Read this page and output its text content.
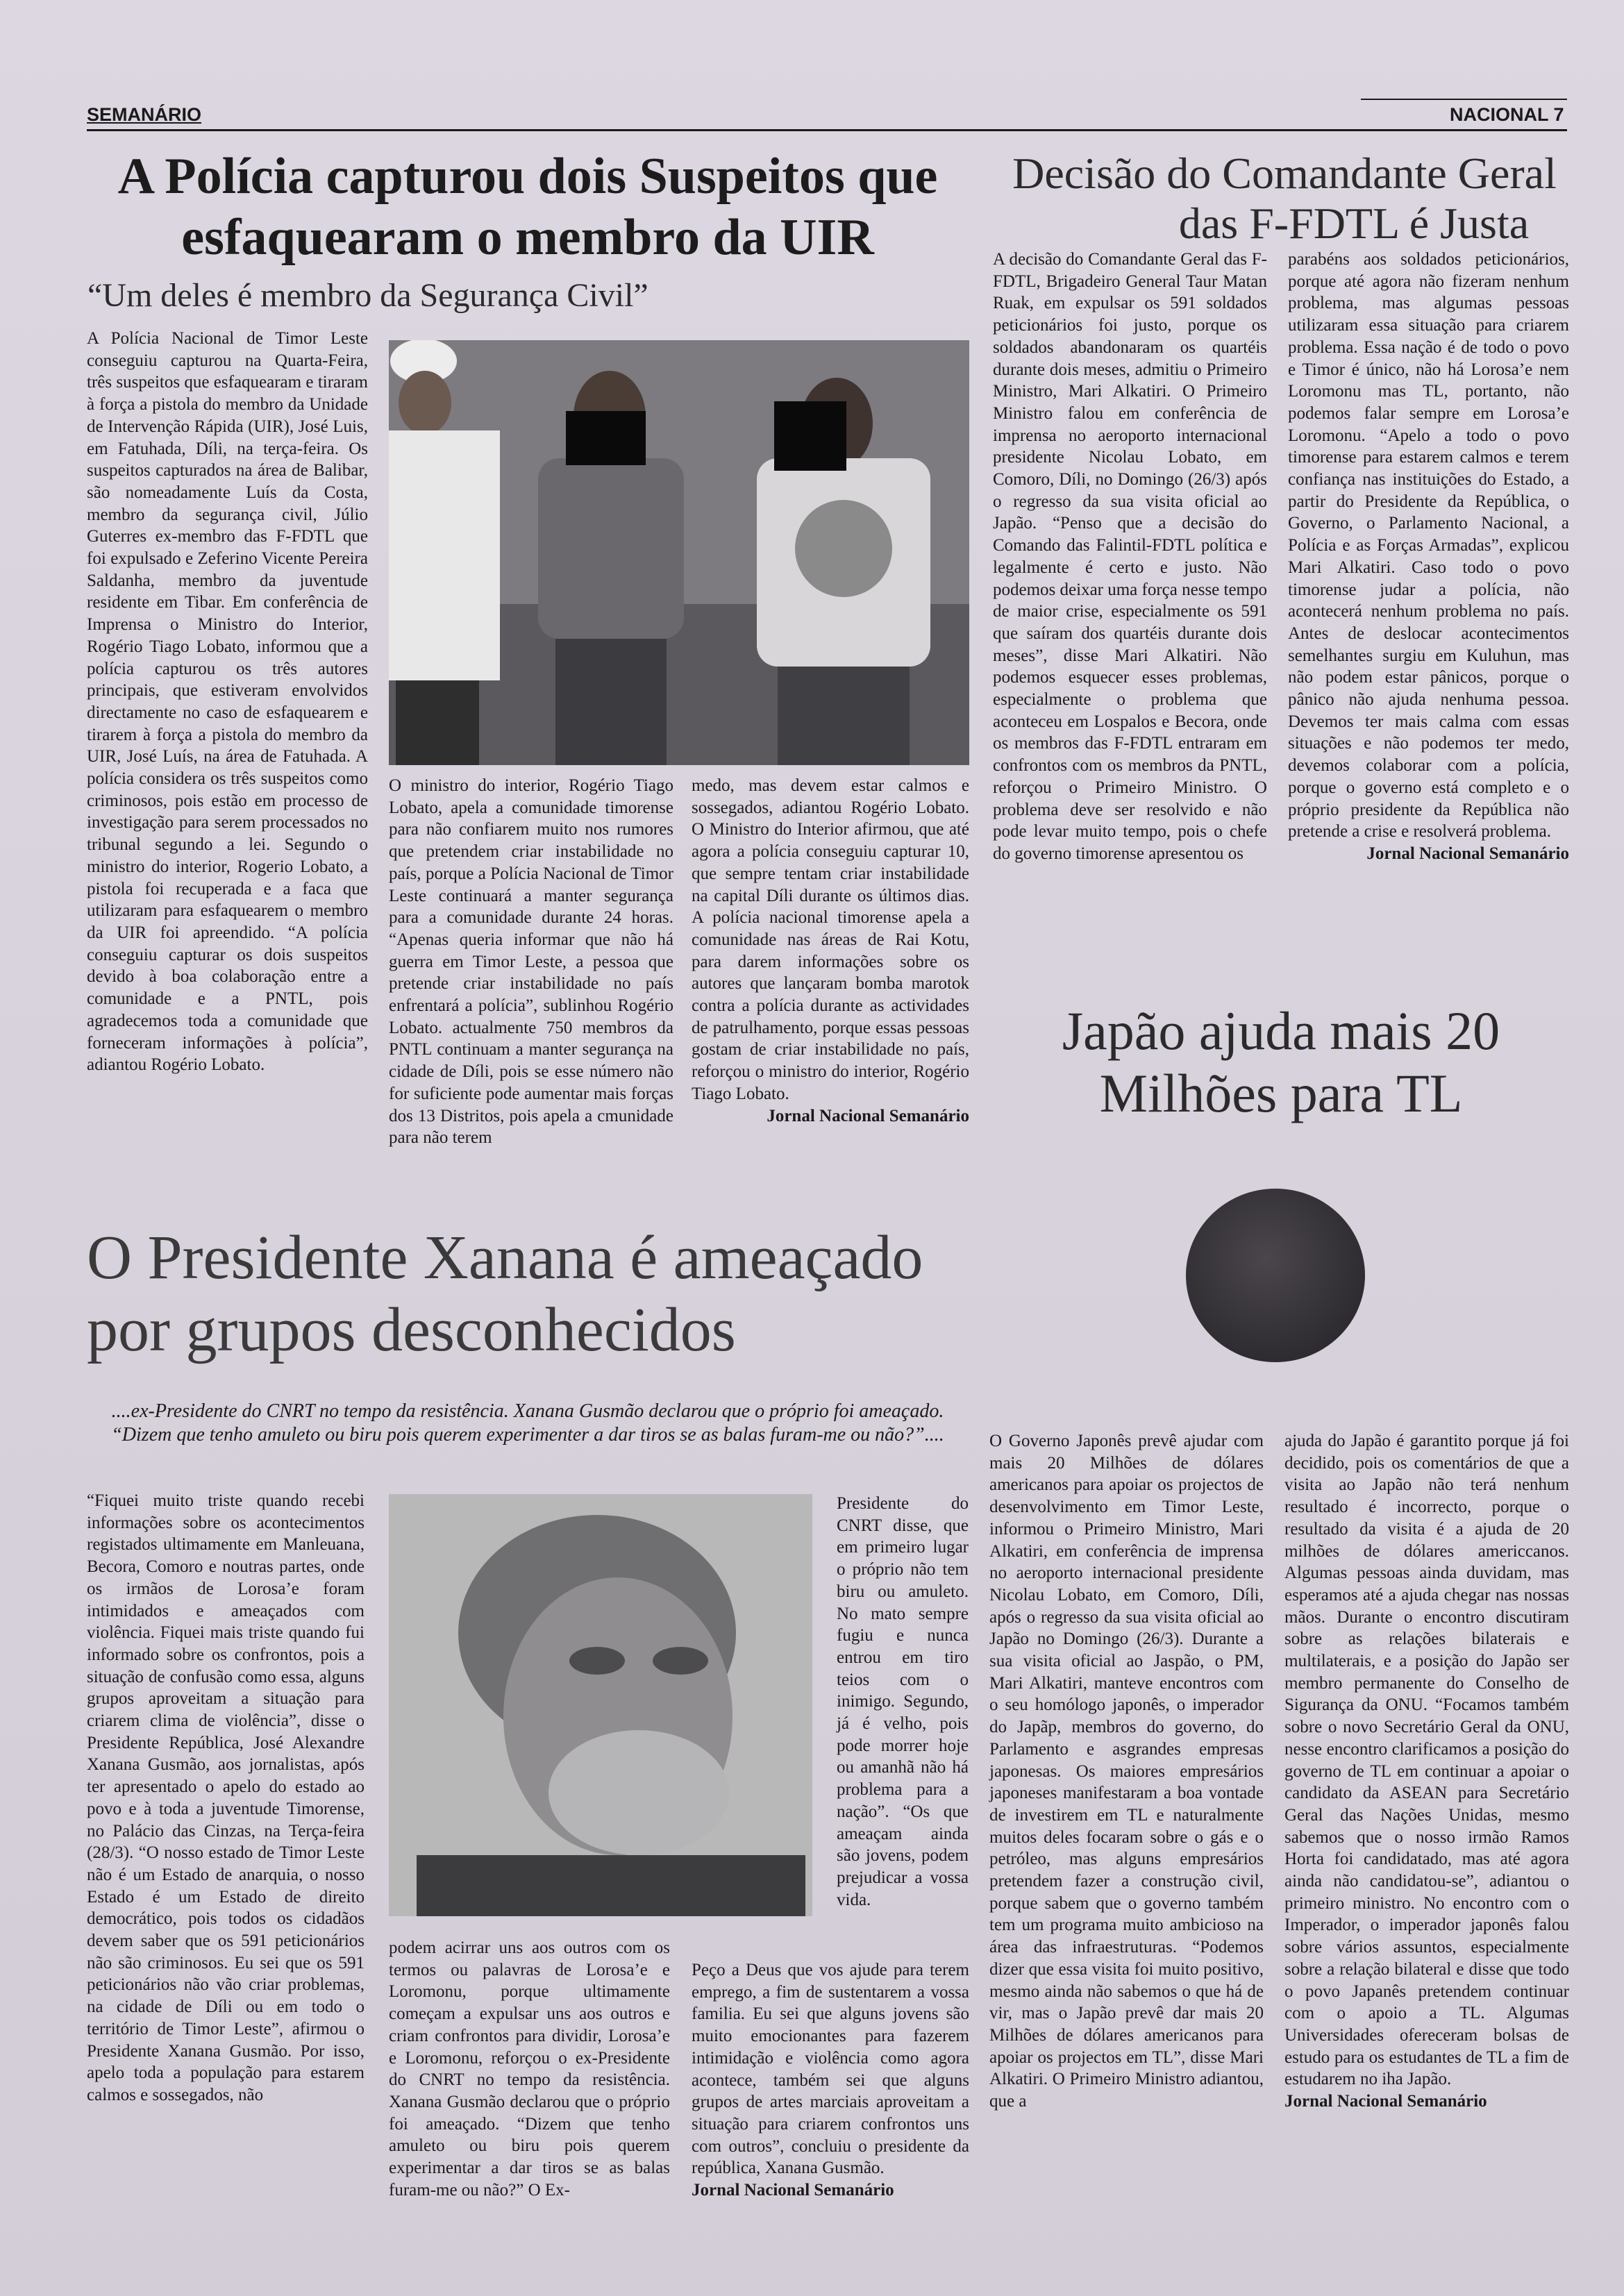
SEMANÁRIO	NACIONAL 7
A Polícia capturou dois Suspeitos que
esfaquearam o membro da UIR
“Um deles é membro da Segurança Civil”

A Polícia Nacional de Timor Leste conseguiu capturou na Quarta-Feira, três suspeitos que esfaquearam e tiraram à força a pistola do membro da Unidade de Intervenção Rápida (UIR), José Luis, em Fatuhada, Díli, na terça-feira. Os suspeitos capturados na área de Balibar, são nomeadamente Luís da Costa, membro da segurança civil, Júlio Guterres ex-membro das F-FDTL que foi expulsado e Zeferino Vicente Pereira Saldanha, membro da juventude residente em Tibar. Em conferência de Imprensa o Ministro do Interior, Rogério Tiago Lobato, informou que a polícia capturou os três autores principais, que estiveram envolvidos directamente no caso de esfaquearem e tirarem à força a pistola do membro da UIR, José Luís, na área de Fatuhada. A polícia considera os três suspeitos como criminosos, pois estão em processo de investigação para serem processados no tribunal segundo a lei. Segundo o ministro do interior, Rogerio Lobato, a pistola foi recuperada e a faca que utilizaram para esfaquearem o membro da UIR foi apreendido. “A polícia conseguiu capturar os dois suspeitos devido à boa colaboração entre a comunidade e a PNTL, pois agradecemos toda a comunidade que forneceram informações à polícia”, adiantou Rogério Lobato.

O ministro do interior, Rogério Tiago Lobato, apela a comunidade timorense para não confiarem muito nos rumores que pretendem criar instabilidade no país, porque a Polícia Nacional de Timor Leste continuará a manter segurança para a comunidade durante 24 horas. “Apenas queria informar que não há guerra em Timor Leste, a pessoa que pretende criar instabilidade no país enfrentará a polícia”, sublinhou Rogério Lobato. actualmente 750 membros da PNTL continuam a manter segurança na cidade de Díli, pois se esse número não for suficiente pode aumentar mais forças dos 13 Distritos, pois apela a cmunidade para não terem

medo, mas devem estar calmos e sossegados, adiantou Rogério Lobato. O Ministro do Interior afirmou, que até agora a polícia conseguiu capturar 10, que sempre tentam criar instabilidade na capital Díli durante os últimos dias. A polícia nacional timorense apela a comunidade nas áreas de Rai Kotu, para darem informações sobre os autores que lançaram bomba marotok contra a polícia durante as actividades de patrulhamento, porque essas pessoas gostam de criar instabilidade no país, reforçou o ministro do interior, Rogério Tiago Lobato.

Jornal Nacional Semanário

Decisão do Comandante Geral
das F-FDTL é Justa

A decisão do Comandante Geral das F-FDTL, Brigadeiro General Taur Matan Ruak, em expulsar os 591 soldados peticionários foi justo, porque os soldados abandonaram os quartéis durante dois meses, admitiu o Primeiro Ministro, Mari Alkatiri. O Primeiro Ministro falou em conferência de imprensa no aeroporto internacional presidente Nicolau Lobato, em Comoro, Díli, no Domingo (26/3) após o regresso da sua visita oficial ao Japão. “Penso que a decisão do Comando das Falintil-FDTL política e legalmente é certo e justo. Não podemos deixar uma força nesse tempo de maior crise, especialmente os 591 que saíram dos quartéis durante dois meses”, disse Mari Alkatiri. Não podemos esquecer esses problemas, especialmente o problema que aconteceu em Lospalos e Becora, onde os membros das F-FDTL entraram em confrontos com os membros da PNTL, reforçou o Primeiro Ministro. O problema deve ser resolvido e não pode levar muito tempo, pois o chefe do governo timorense apresentou os

parabéns aos soldados peticionários, porque até agora não fizeram nenhum problema, mas algumas pessoas utilizaram essa situação para criarem problema. Essa nação é de todo o povo e Timor é único, não há Lorosa’e nem Loromonu mas TL, portanto, não podemos falar sempre em Lorosa’e Loromonu. “Apelo a todo o povo timorense para estarem calmos e terem confiança nas instituições do Estado, a partir do Presidente da República, o Governo, o Parlamento Nacional, a Polícia e as Forças Armadas”, explicou Mari Alkatiri. Caso todo o povo timorense judar a polícia, não acontecerá nenhum problema no país. Antes de deslocar acontecimentos semelhantes surgiu em Kuluhun, mas não podem estar pânicos, porque o pânico não ajuda nenhuma pessoa. Devemos ter mais calma com essas situações e não podemos ter medo, devemos colaborar com a polícia, porque o governo está completo e o próprio presidente da República não pretende a crise e resolverá problema.

Jornal Nacional Semanário

Japão ajuda mais 20
Milhões para TL

O Governo Japonês prevê ajudar com mais 20 Milhões de dólares americanos para apoiar os projectos de desenvolvimento em Timor Leste, informou o Primeiro Ministro, Mari Alkatiri, em conferência de imprensa no aeroporto internacional presidente Nicolau Lobato, em Comoro, Díli, após o regresso da sua visita oficial ao Japão no Domingo (26/3). Durante a sua visita oficial ao Jaspão, o PM, Mari Alkatiri, manteve encontros com o seu homólogo japonês, o imperador do Japãp, membros do governo, do Parlamento e asgrandes empresas japonesas. Os maiores empresários japoneses manifestaram a boa vontade de investirem em TL e naturalmente muitos deles focaram sobre o gás e o petróleo, mas alguns empresários pretendem fazer a construção civil, porque sabem que o governo também tem um programa muito ambicioso na área das infraestruturas. “Podemos dizer que essa visita foi muito positivo, mesmo ainda não sabemos o que há de vir, mas o Japão prevê dar mais 20 Milhões de dólares americanos para apoiar os projectos em TL”, disse Mari Alkatiri. O Primeiro Ministro adiantou, que a

ajuda do Japão é garantito porque já foi decidido, pois os comentários de que a visita ao Japão não terá nenhum resultado é incorrecto, porque o resultado da visita é a ajuda de 20 milhões de dólares americcanos. Algumas pessoas ainda duvidam, mas esperamos até a ajuda chegar nas nossas mãos. Durante o encontro discutiram sobre as relações bilaterais e multilaterais, e a posição do Japão ser membro permanente do Conselho de Sigurança da ONU. “Focamos também sobre o novo Secretário Geral da ONU, nesse encontro clarificamos a posição do governo de TL em continuar a apoiar o candidato da ASEAN para Secretário Geral das Nações Unidas, mesmo sabemos que o nosso irmão Ramos Horta foi candidatado, mas até agora ainda não candidatou-se”, adiantou o primeiro ministro. No encontro com o Imperador, o imperador japonês falou sobre vários assuntos, especialmente sobre a relação bilateral e disse que todo o povo Japanês pretendem continuar com o apoio a TL. Algumas Universidades ofereceram bolsas de estudo para os estudantes de TL a fim de estudarem no iha Japão.

Jornal Nacional Semanário

O Presidente Xanana é ameaçado
por grupos desconhecidos
....ex-Presidente do CNRT no tempo da resistência. Xanana Gusmão declarou que o próprio foi ameaçado. “Dizem que tenho amuleto ou biru pois querem experimenter a dar tiros se as balas furam-me ou não?”....

“Fiquei muito triste quando recebi informações sobre os acontecimentos registados ultimamente em Manleuana, Becora, Comoro e noutras partes, onde os irmãos de Lorosa’e foram intimidados e ameaçados com violência. Fiquei mais triste quando fui informado sobre os confrontos, pois a situação de confusão como essa, alguns grupos aproveitam a situação para criarem clima de violência”, disse o Presidente República, José Alexandre Xanana Gusmão, aos jornalistas, após ter apresentado o apelo do estado ao povo e à toda a juventude Timorense, no Palácio das Cinzas, na Terça-feira (28/3). “O nosso estado de Timor Leste não é um Estado de anarquia, o nosso Estado é um Estado de direito democrático, pois todos os cidadãos devem saber que os 591 peticionários não são criminosos. Eu sei que os 591 peticionários não vão criar problemas, na cidade de Díli ou em todo o território de Timor Leste”, afirmou o Presidente Xanana Gusmão. Por isso, apelo toda a população para estarem calmos e sossegados, não

Presidente do CNRT disse, que em primeiro lugar o próprio não tem biru ou amuleto. No mato sempre fugiu e nunca entrou em tiro teios com o inimigo. Segundo, já é velho, pois pode morrer hoje ou amanhã não há problema para a nação”. “Os que ameaçam ainda são jovens, podem prejudicar a vossa vida.

podem acirrar uns aos outros com os termos ou palavras de Lorosa’e e Loromonu, porque ultimamente começam a expulsar uns aos outros e criam confrontos para dividir, Lorosa’e e Loromonu, reforçou o ex-Presidente do CNRT no tempo da resistência. Xanana Gusmão declarou que o próprio foi ameaçado. “Dizem que tenho amuleto ou biru pois querem experimentar a dar tiros se as balas furam-me ou não?” O Ex-

Peço a Deus que vos ajude para terem emprego, a fim de sustentarem a vossa familia. Eu sei que alguns jovens são muito emocionantes para fazerem intimidação e violência como agora acontece, também sei que alguns grupos de artes marciais aproveitam a situação para criarem confrontos uns com outros”, concluiu o presidente da república, Xanana Gusmão.

Jornal Nacional Semanário
